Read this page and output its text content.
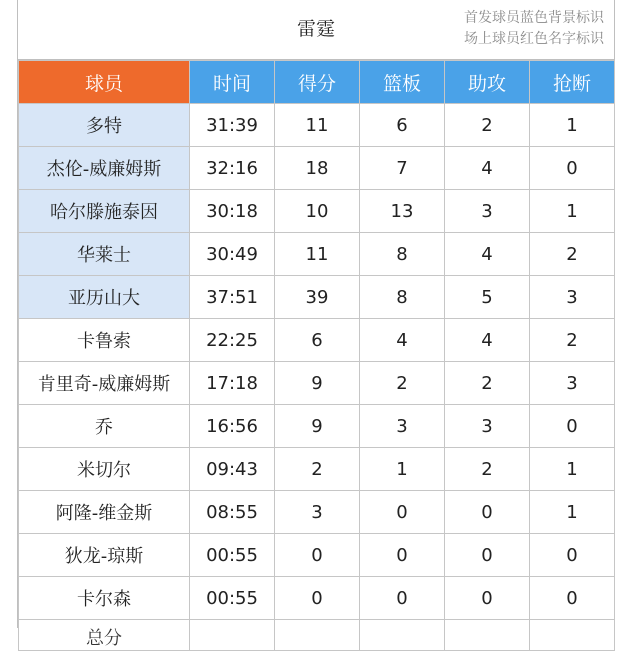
雷霆	首发球员蓝色背景标识
场上球员红色名字标识
球员	时间	得分	篮板	助攻	抢断
多特	31:39	11	6	2	1
杰伦-威廉姆斯	32:16	18	7	4	0
哈尔滕施泰因	30:18	10	13	3	1
华莱士	30:49	11	8	4	2
亚历山大	37:51	39	8	5	3
卡鲁索	22:25	6	4	4	2
肯里奇-威廉姆斯	17:18	9	2	2	3
乔	16:56	9	3	3	0
米切尔	09:43	2	1	2	1
阿隆-维金斯	08:55	3	0	0	1
狄龙-琼斯	00:55	0	0	0	0
卡尔森	00:55	0	0	0	0

总分					
